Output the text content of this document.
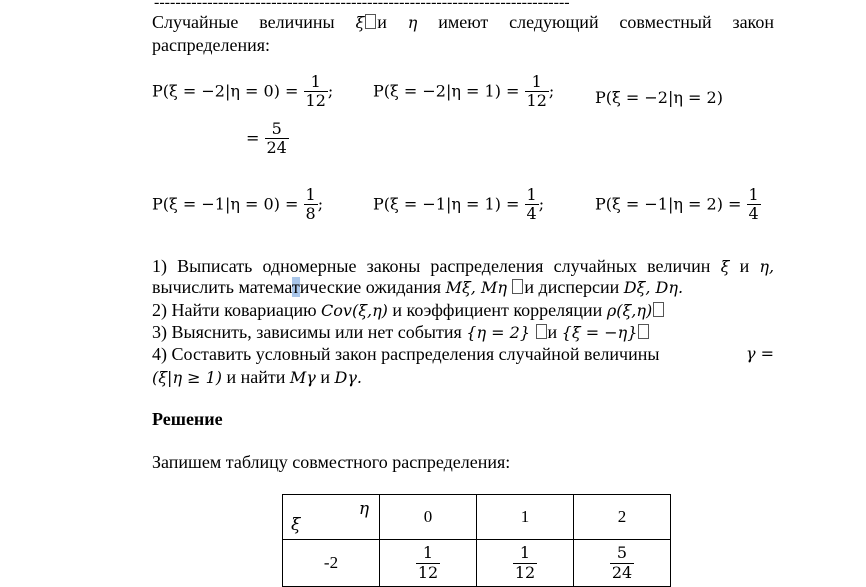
------------------------------------------------------------------------------
Случайные величины ξ и η имеют следующий совместный закон
распределения:
$P(\xi = -2|\eta = 0) = \frac{1}{12}$ ; $P(\xi = -2|\eta = 1) = \frac{1}{12}$ ;	P(ξ = −2|η = 2)
= $\frac{5}{24}$
$P(\xi = -1|\eta = 0) = \frac{1}{8}$ ;	$P(\xi = -1|\eta = 1) = \frac{1}{4}$ ;	$P(\xi = -1|\eta = 2) = \frac{1}{4}$
1) Выписать одномерные законы распределения случайных величин ξ и η,
вычислить математические ожидания Mξ, Mη и дисперсии Dξ, Dη.
2) Найти ковариацию Cov(ξ,η) и коэффициент корреляции ρ(ξ,η)
3) Выяснить, зависимы или нет события {η = 2} и {ξ = −η}
4) Составить условный закон распределения случайной величины	γ =
(ξ|η ≥ 1) и найти Mγ и Dγ.
Решение
Запишем таблицу совместного распределения:
η
ξ	0	1	2
-2	$\frac{1}{12}$	$\frac{1}{12}$	$\frac{5}{24}$
